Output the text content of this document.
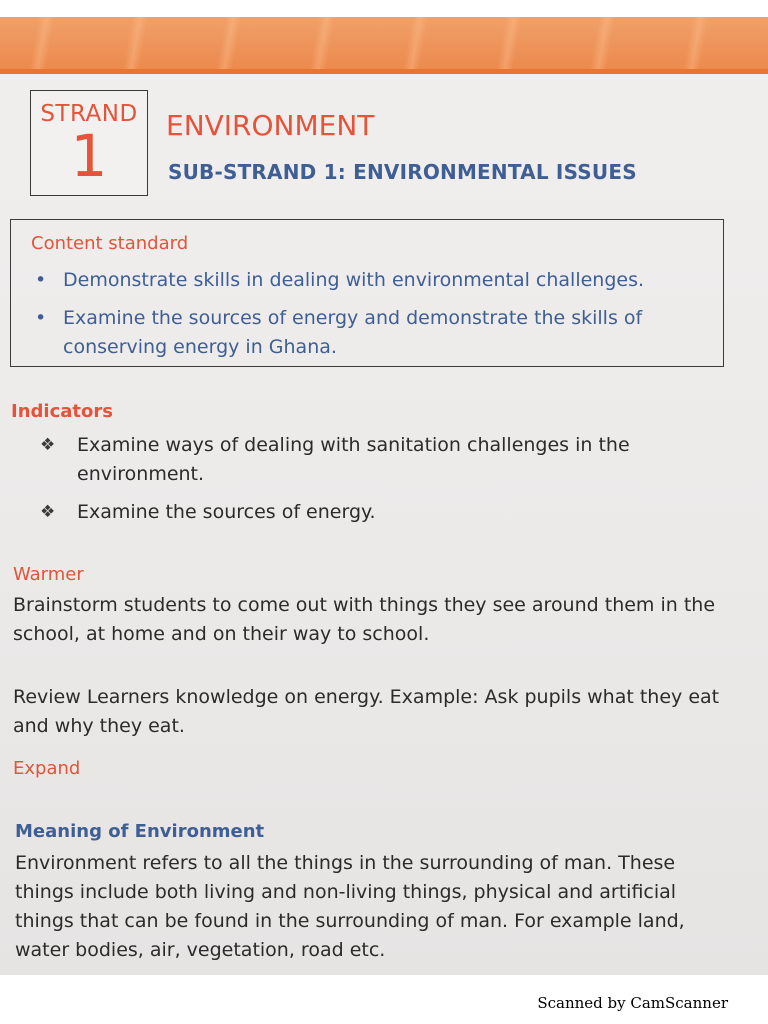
STRAND
1	ENVIRONMENT
SUB-STRAND 1: ENVIRONMENTAL ISSUES
Content standard
• Demonstrate skills in dealing with environmental challenges.
• Examine the sources of energy and demonstrate the skills of conserving energy in Ghana.
Indicators
❖ Examine ways of dealing with sanitation challenges in the environment.
❖ Examine the sources of energy.
Warmer
Brainstorm students to come out with things they see around them in the school, at home and on their way to school.
Review Learners knowledge on energy. Example: Ask pupils what they eat and why they eat.
Expand
Meaning of Environment
Environment refers to all the things in the surrounding of man. These things include both living and non-living things, physical and artificial things that can be found in the surrounding of man. For example land, water bodies, air, vegetation, road etc.
Scanned by CamScanner
